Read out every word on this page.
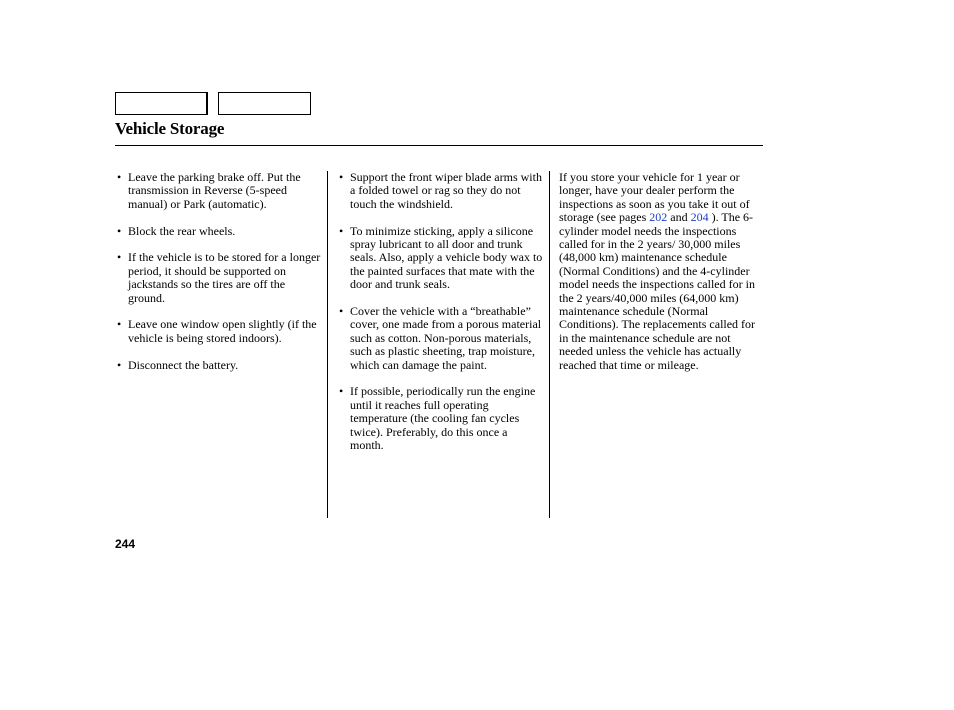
Vehicle Storage
• Leave the parking brake off. Put the transmission in Reverse (5-speed manual) or Park (automatic).
• Block the rear wheels.
• If the vehicle is to be stored for a longer period, it should be supported on jackstands so the tires are off the ground.
• Leave one window open slightly (if the vehicle is being stored indoors).
• Disconnect the battery.
• Support the front wiper blade arms with a folded towel or rag so they do not touch the windshield.
• To minimize sticking, apply a silicone spray lubricant to all door and trunk seals. Also, apply a vehicle body wax to the painted surfaces that mate with the door and trunk seals.
• Cover the vehicle with a “breathable” cover, one made from a porous material such as cotton. Non-porous materials, such as plastic sheeting, trap moisture, which can damage the paint.
• If possible, periodically run the engine until it reaches full operating temperature (the cooling fan cycles twice). Preferably, do this once a month.

If you store your vehicle for 1 year or longer, have your dealer perform the inspections as soon as you take it out of storage (see pages 202 and 204 ). The 6-cylinder model needs the inspections called for in the 2 years/ 30,000 miles (48,000 km) maintenance schedule (Normal Conditions) and the 4-cylinder model needs the inspections called for in the 2 years/40,000 miles (64,000 km) maintenance schedule (Normal Conditions). The replacements called for in the maintenance schedule are not needed unless the vehicle has actually reached that time or mileage.

244
